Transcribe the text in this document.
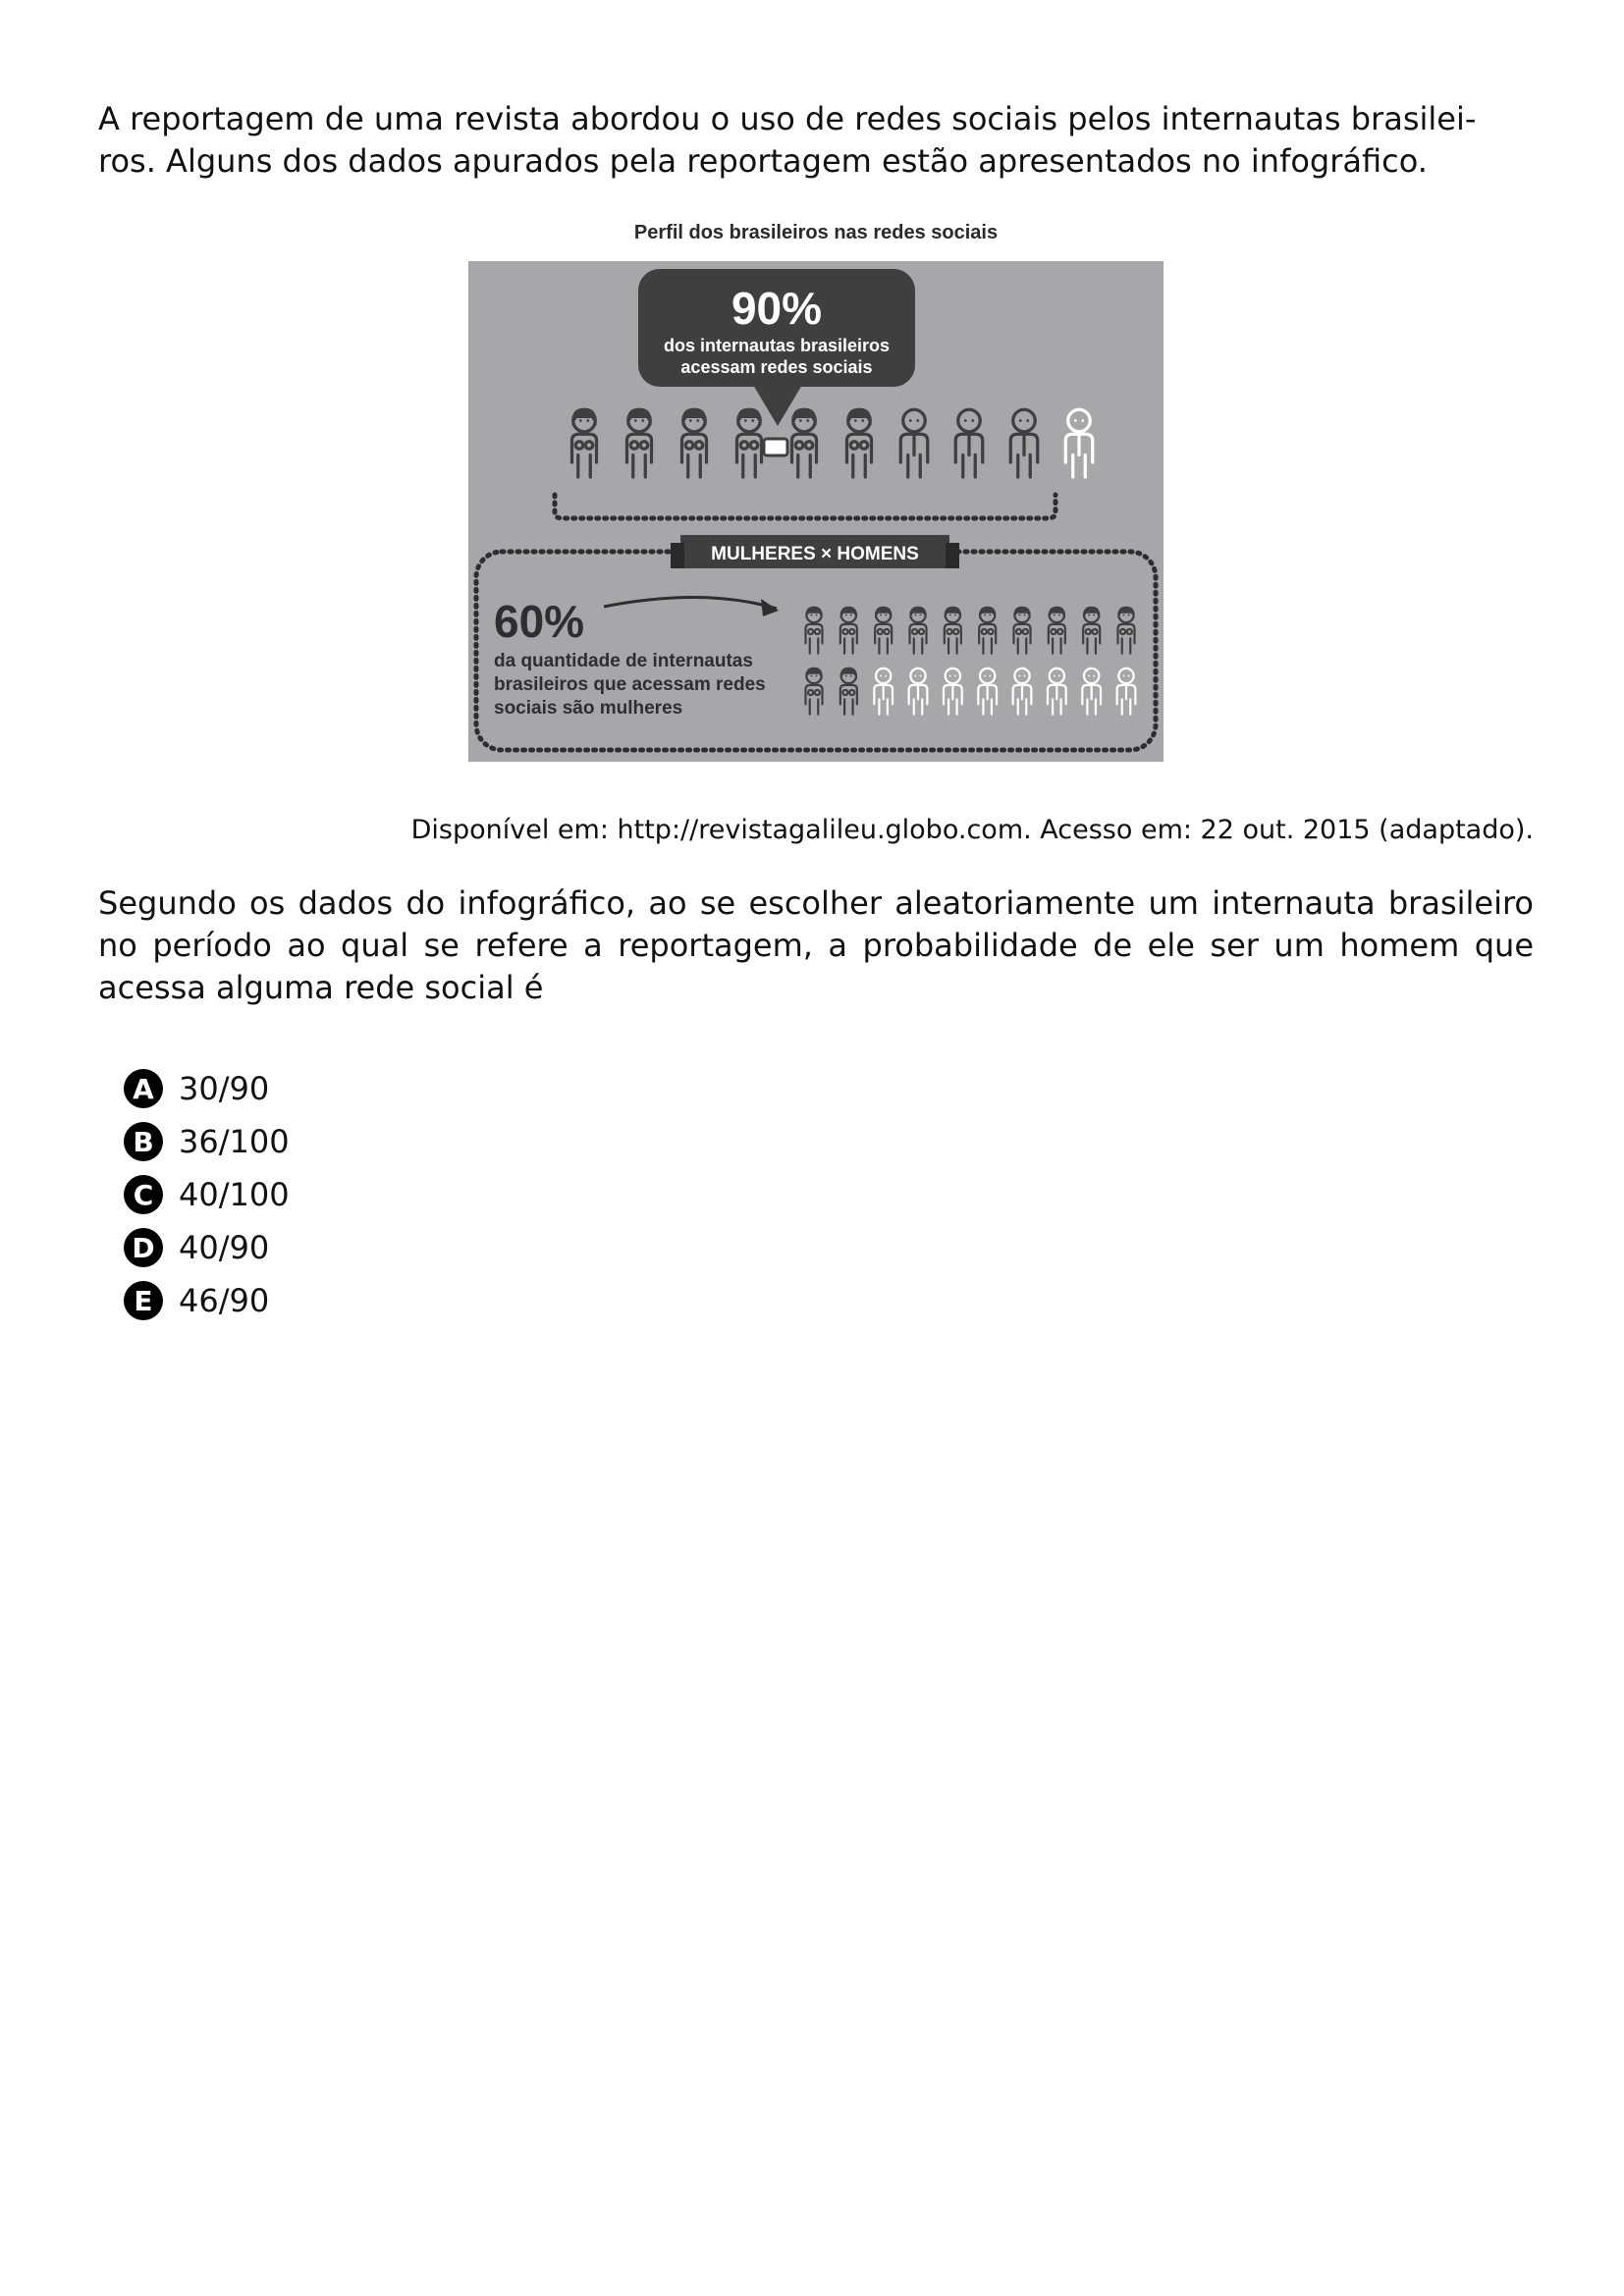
A reportagem de uma revista abordou o uso de redes sociais pelos internautas brasilei-ros. Alguns dos dados apurados pela reportagem estão apresentados no infográfico.

Perfil dos brasileiros nas redes sociais
90%
dos internautas brasileiros
acessam redes sociais
MULHERES × HOMENS
60%
da quantidade de internautas
brasileiros que acessam redes
sociais são mulheres

Disponível em: http://revistagalileu.globo.com. Acesso em: 22 out. 2015 (adaptado).

Segundo os dados do infográfico, ao se escolher aleatoriamente um internauta brasileiro no período ao qual se refere a reportagem, a probabilidade de ele ser um homem que acessa alguma rede social é

A 30/90
B 36/100
C 40/100
D 40/90
E 46/90
